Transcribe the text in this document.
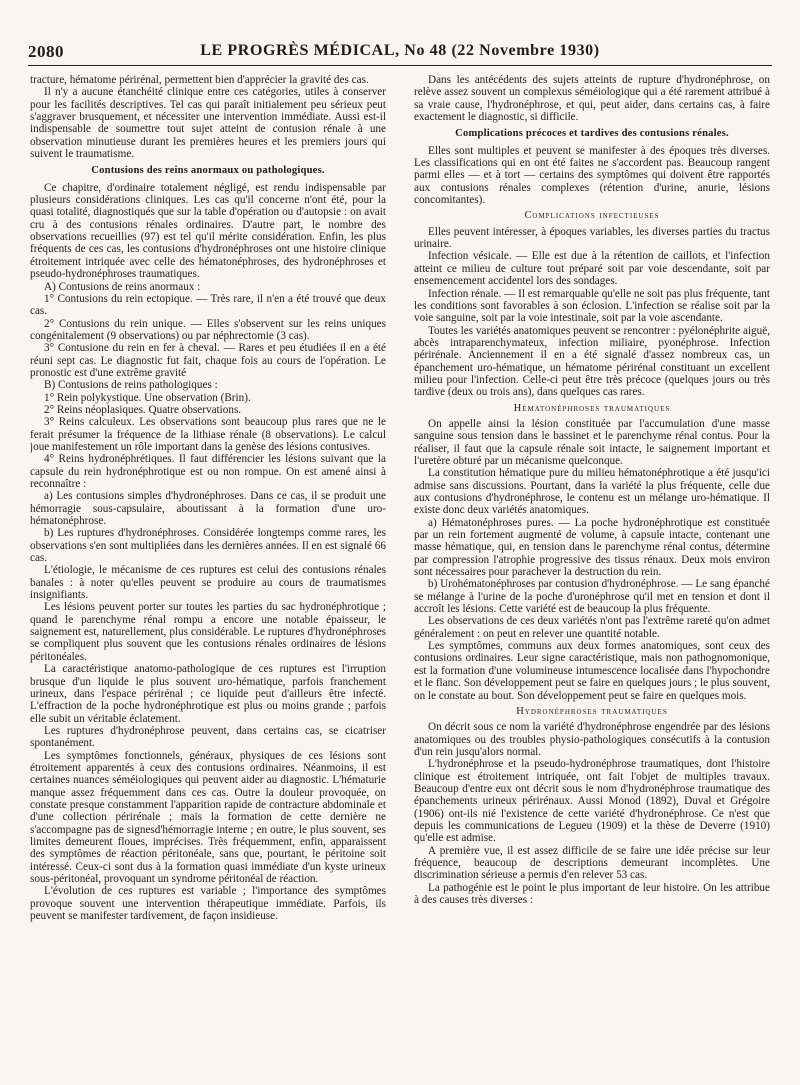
2080	LE PROGRÈS MÉDICAL, No 48 (22 Novembre 1930)

tracture, hématome périrénal, permettent bien d'apprécier la gravité des cas.

Il n'y a aucune étanchéité clinique entre ces catégories, utiles à conserver pour les facilités descriptives. Tel cas qui paraît initialement peu sérieux peut s'aggraver brusquement, et nécessiter une intervention immédiate. Aussi est-il indispensable de soumettre tout sujet atteint de contusion rénale à une observation minutieuse durant les premières heures et les premiers jours qui suivent le traumatisme.

Contusions des reins anormaux ou pathologiques.

Ce chapitre, d'ordinaire totalement négligé, est rendu indispensable par plusieurs considérations cliniques. Les cas qu'il concerne n'ont été, pour la quasi totalité, diagnostiqués que sur la table d'opération ou d'autopsie : on avait cru à des contusions rénales ordinaires. D'autre part, le nombre des observations recueillies (97) est tel qu'il mérite considération. Enfin, les plus fréquents de ces cas, les contusions d'hydronéphroses ont une histoire clinique étroitement intriquée avec celle des hématonéphroses, des hydronéphroses et pseudo-hydronéphroses traumatiques.

A) Contusions de reins anormaux :

1° Contusions du rein ectopique. — Très rare, il n'en a été trouvé que deux cas.

2° Contusions du rein unique. — Elles s'observent sur les reins uniques congénitalement (9 observations) ou par néphrectomie (3 cas).

3° Contusione du rein en fer à cheval. — Rares et peu étudiées il en a été réuni sept cas. Le diagnostic fut fait, chaque fois au cours de l'opération. Le pronostic est d'une extrême gravité

B) Contusions de reins pathologiques :

1° Rein polykystique. Une observation (Brin).

2° Reins néoplasiques. Quatre observations.

3° Reins calculeux. Les observations sont beaucoup plus rares que ne le ferait présumer la fréquence de la lithiase rénale (8 observations). Le calcul joue manifestement un rôle important dans la genèse des lésions contusives.

4° Reins hydronéphrétiques. Il faut différencier les lésions suivant que la capsule du rein hydronéphrotique est ou non rompue. On est amené ainsi à reconnaître :

a) Les contusions simples d'hydronéphroses. Dans ce cas, il se produit une hémorragie sous-capsulaire, aboutissant à la formation d'une uro-hématonéphrose.

b) Les ruptures d'hydronéphroses. Considérée longtemps comme rares, les observations s'en sont multipliées dans les dernières années. Il en est signalé 66 cas.

L'étiologie, le mécanisme de ces ruptures est celui des contusions rénales banales : à noter qu'elles peuvent se produire au cours de traumatismes insignifiants.

Les lésions peuvent porter sur toutes les parties du sac hydronéphrotique ; quand le parenchyme rénal rompu a encore une notable épaisseur, le saignement est, naturellement, plus considérable. Le ruptures d'hydronéphroses se compliquent plus souvent que les contusions rénales ordinaires de lésions péritonéales.

La caractéristique anatomo-pathologique de ces ruptures est l'irruption brusque d'un liquide le plus souvent uro-hématique, parfois franchement urineux, dans l'espace périrénal ; ce liquide peut d'ailleurs être infecté. L'effraction de la poche hydronéphrotique est plus ou moins grande ; parfois elle subit un véritable éclatement.

Les ruptures d'hydronéphrose peuvent, dans certains cas, se cicatriser spontanément.

Les symptômes fonctionnels, généraux, physiques de ces lésions sont étroitement apparentés à ceux des contusions ordinaires. Néanmoins, il est certaines nuances séméiologiques qui peuvent aider au diagnostic. L'hématurie manque assez fréquemment dans ces cas. Outre la douleur provoquée, on constate presque constamment l'apparition rapide de contracture abdominale et d'une collection périrénale ; mais la formation de cette dernière ne s'accompagne pas de signesd'hémorragie interne ; en outre, le plus souvent, ses limites demeurent floues, imprécises. Très fréquemment, enfin, apparaissent des symptômes de réaction péritonéale, sans que, pourtant, le péritoine soit intéressé. Ceux-ci sont dus à la formation quasi immédiate d'un kyste urineux sous-péritonéal, provoquant un syndrome péritonéal de réaction.

L'évolution de ces ruptures est variable ; l'importance des symptômes provoque souvent une intervention thérapeutique immédiate. Parfois, ils peuvent se manifester tardivement, de façon insidieuse.

Dans les antécédents des sujets atteints de rupture d'hydronéphrose, on relève assez souvent un complexus séméiologique qui a été rarement attribué à sa vraie cause, l'hydronéphrose, et qui, peut aider, dans certains cas, à faire exactement le diagnostic, si difficile.

Complications précoces et tardives des contusions rénales.

Elles sont multiples et peuvent se manifester à des époques très diverses. Les classifications qui en ont été faites ne s'accordent pas. Beaucoup rangent parmi elles — et à tort — certains des symptômes qui doivent être rapportés aux contusions rénales complexes (rétention d'urine, anurie, lésions concomitantes).

Complications infectieuses

Elles peuvent intéresser, à époques variables, les diverses parties du tractus urinaire.

Infection vésicale. — Elle est due à la rétention de caillots, et l'infection atteint ce milieu de culture tout préparé soit par voie descendante, soit par ensemencement accidentel lors des sondages.

Infection rénale. — Il est remarquable qu'elle ne soit pas plus fréquente, tant les conditions sont favorables à son éclosion. L'infection se réalise soit par la voie sanguine, soit par la voie intestinale, soit par la voie ascendante.

Toutes les variétés anatomiques peuvent se rencontrer : pyélonéphrite aiguë, abcès intraparenchymateux, infection miliaire, pyonéphrose. Infection périrénale. Anciennement il en a été signalé d'assez nombreux cas, un épanchement uro-hématique, un hématome périrénal constituant un excellent milieu pour l'infection. Celle-ci peut être très précoce (quelques jours ou très tardive (deux ou trois ans), dans quelques cas rares.

Hématonéphroses traumatiques

On appelle ainsi la lésion constituée par l'accumulation d'une masse sanguine sous tension dans le bassinet et le parenchyme rénal contus. Pour la réaliser, il faut que la capsule rénale soit intacte, le saignement important et l'uretère obturé par un mécanisme quelconque.

La constitution hématique pure du milieu hématonéphrotique a été jusqu'ici admise sans discussions. Pourtant, dans la variété la plus fréquente, celle due aux contusions d'hydronéphrose, le contenu est un mélange uro-hématique. Il existe donc deux variétés anatomiques.

a) Hématonéphroses pures. — La poche hydronéphrotique est constituée par un rein fortement augmenté de volume, à capsule intacte, contenant une masse hématique, qui, en tension dans le parenchyme rénal contus, détermine par compression l'atrophie progressive des tissus rénaux. Deux mois environ sont nécessaires pour parachever la destruction du rein.

b) Urohématonéphroses par contusion d'hydronéphrose. — Le sang épanché se mélange à l'urine de la poche d'uronéphrose qu'il met en tension et dont il accroît les lésions. Cette variété est de beaucoup la plus fréquente.

Les observations de ces deux variétés n'ont pas l'extrême rareté qu'on admet généralement : on peut en relever une quantité notable.

Les symptômes, communs aux deux formes anatomiques, sont ceux des contusions ordinaires. Leur signe caractéristique, mais non pathognomonique, est la formation d'une volumineuse intumescence localisée dans l'hypochondre et le flanc. Son développement peut se faire en quelques jours ; le plus souvent, on le constate au bout. Son développement peut se faire en quelques mois.

Hydronéphroses traumatiques

On décrit sous ce nom la variété d'hydronéphrose engendrée par des lésions anatomiques ou des troubles physio-pathologiques consécutifs à la contusion d'un rein jusqu'alors normal.

L'hydronéphrose et la pseudo-hydronéphrose traumatiques, dont l'histoire clinique est étroitement intriquée, ont fait l'objet de multiples travaux. Beaucoup d'entre eux ont décrit sous le nom d'hydronéphrose traumatique des épanchements urineux périrénaux. Aussi Monod (1892), Duval et Grégoire (1906) ont-ils nié l'existence de cette variété d'hydronéphrose. Ce n'est que depuis les communications de Legueu (1909) et la thèse de Deverre (1910) qu'elle est admise.

A première vue, il est assez difficile de se faire une idée précise sur leur fréquence, beaucoup de descriptions demeurant incomplètes. Une discrimination sérieuse a permis d'en relever 53 cas.

La pathogénie est le point le plus important de leur histoire. On les attribue à des causes très diverses :
